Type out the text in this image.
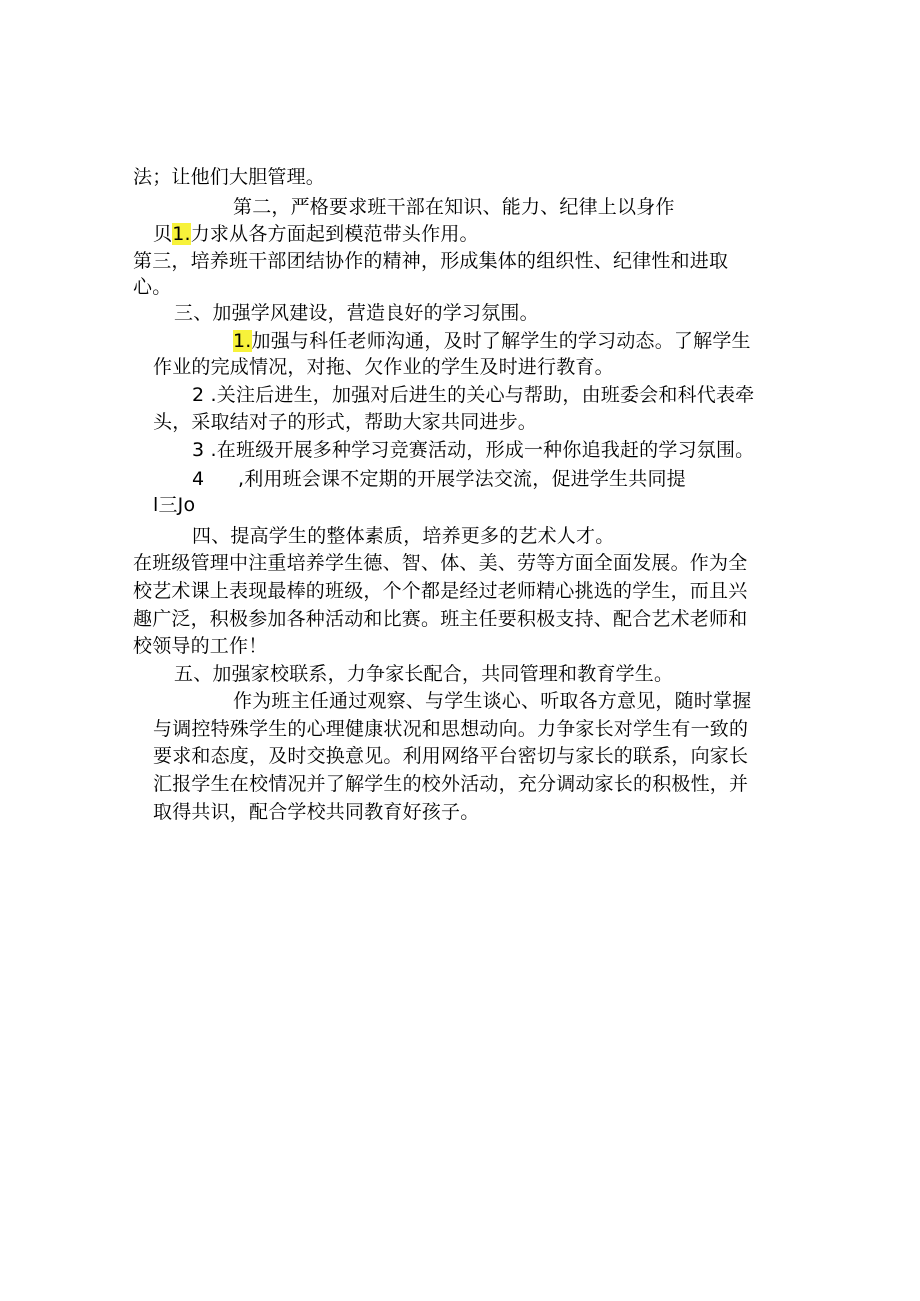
法；让他们大胆管理。
第二，严格要求班干部在知识、能力、纪律上以身作
贝1.力求从各方面起到模范带头作用。
第三，培养班干部团结协作的精神，形成集体的组织性、纪律性和进取
心。
三、加强学风建设，营造良好的学习氛围。
1.加强与科任老师沟通，及时了解学生的学习动态。了解学生
作业的完成情况，对拖、欠作业的学生及时进行教育。
2 .关注后进生，加强对后进生的关心与帮助，由班委会和科代表牵
头，采取结对子的形式，帮助大家共同进步。
3 .在班级开展多种学习竞赛活动，形成一种你追我赶的学习氛围。
4 ,利用班会课不定期的开展学法交流，促进学生共同提
l三Jo
四、提高学生的整体素质，培养更多的艺术人才。
在班级管理中注重培养学生德、智、体、美、劳等方面全面发展。作为全
校艺术课上表现最棒的班级，个个都是经过老师精心挑选的学生，而且兴
趣广泛，积极参加各种活动和比赛。班主任要积极支持、配合艺术老师和
校领导的工作！
五、加强家校联系，力争家长配合，共同管理和教育学生。
作为班主任通过观察、与学生谈心、听取各方意见，随时掌握
与调控特殊学生的心理健康状况和思想动向。力争家长对学生有一致的
要求和态度，及时交换意见。利用网络平台密切与家长的联系，向家长
汇报学生在校情况并了解学生的校外活动，充分调动家长的积极性，并
取得共识，配合学校共同教育好孩子。
